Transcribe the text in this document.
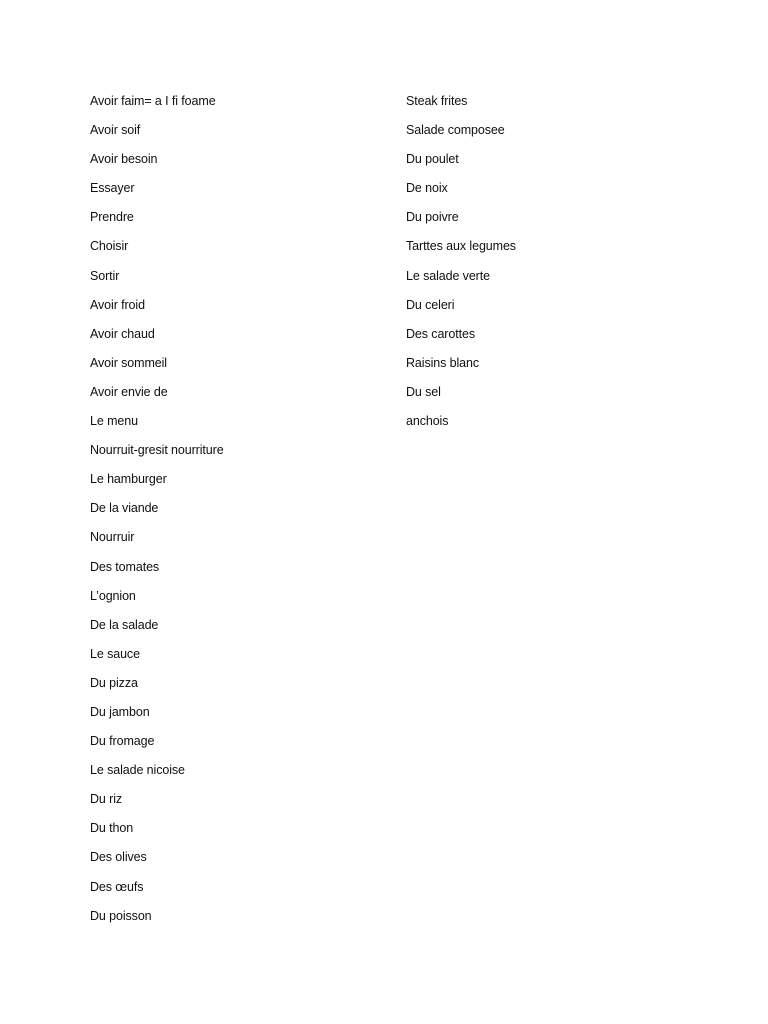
Avoir faim= a I fi foame
Avoir soif
Avoir besoin
Essayer
Prendre
Choisir
Sortir
Avoir froid
Avoir chaud
Avoir sommeil
Avoir envie de
Le menu
Nourruit-gresit nourriture
Le hamburger
De la viande
Nourruir
Des tomates
L’ognion
De la salade
Le sauce
Du pizza
Du jambon
Du fromage
Le salade nicoise
Du riz
Du thon
Des olives
Des œufs
Du poisson
Steak frites
Salade composee
Du poulet
De noix
Du poivre
Tarttes aux legumes
Le salade verte
Du celeri
Des carottes
Raisins blanc
Du sel
anchois
